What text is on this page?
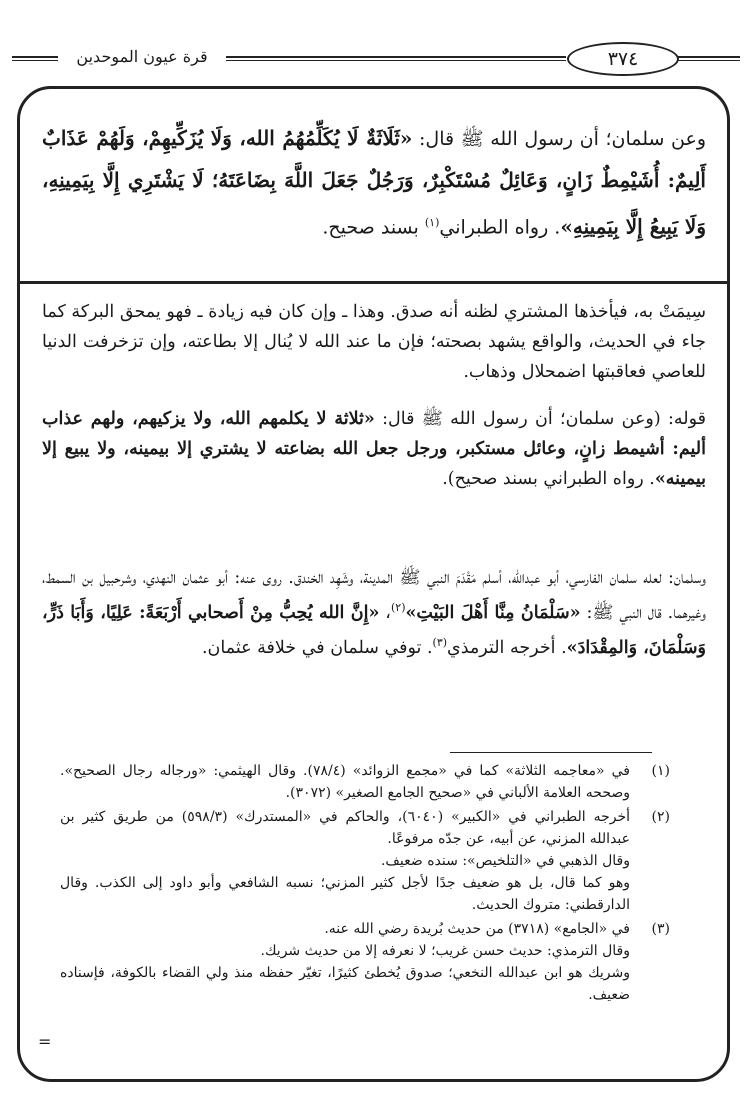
قرة عيون الموحدين	٣٧٤
وعن سلمان؛ أن رسول الله ﷺ قال: «ثَلَاثَةٌ لَا يُكَلِّمُهُمُ الله، وَلَا يُزَكِّيهِمْ، وَلَهُمْ عَذَابٌ أَلِيمٌ: أُشَيْمِطٌ زَانٍ، وَعَائِلٌ مُسْتَكْبِرٌ، وَرَجُلٌ جَعَلَ اللَّهَ بِضَاعَتَهُ؛ لَا يَشْتَرِي إِلَّا بِيَمِينِهِ، وَلَا يَبِيعُ إِلَّا بِيَمِينِهِ». رواه الطبراني$^{(١)}$ بسند صحيح.
سِيمَتْ به، فيأخذها المشتري لظنه أنه صدق. وهذا ـ وإن كان فيه زيادة ـ فهو يمحق البركة كما جاء في الحديث، والواقع يشهد بصحته؛ فإن ما عند الله لا يُنال إلا بطاعته، وإن تزخرفت الدنيا للعاصي فعاقبتها اضمحلال وذهاب.
قوله: (وعن سلمان؛ أن رسول الله ﷺ قال: «ثلاثة لا يكلمهم الله، ولا يزكيهم، ولهم عذاب أليم: أشيمط زانٍ، وعائل مستكبر، ورجل جعل الله بضاعته لا يشتري إلا بيمينه، ولا يبيع إلا بيمينه». رواه الطبراني بسند صحيح).
وسلمان: لعله سلمان الفارسي، أبو عبدالله، أسلم مَقْدَمَ النبي ﷺ المدينة، وشَهِد الخندق. روى عنه: أبو عثمان النهدي، وشرحبيل بن السمط، وغيرهما. قال النبي ﷺ: «سَلْمَانُ مِنَّا أَهْلَ البَيْتِ»$^{(٢)}$، «إِنَّ الله يُحِبُّ مِنْ أَصحابي أَرْبَعَةً: عَلِيًا، وَأَبَا ذَرٍّ، وَسَلْمَانَ، وَالمِقْدَادَ». أخرجه الترمذي$^{(٣)}$. توفي سلمان في خلافة عثمان.
(١)

في «معاجمه الثلاثة» كما في «مجمع الزوائد» (٧٨/٤). وقال الهيثمي: «ورجاله رجال الصحيح». وصححه العلامة الألباني في «صحيح الجامع الصغير» (٣٠٧٢).

(٢)

أخرجه الطبراني في «الكبير» (٦٠٤٠)، والحاكم في «المستدرك» (٥٩٨/٣) من طريق كثير بن عبدالله المزني، عن أبيه، عن جدّه مرفوعًا.

وقال الذهبي في «التلخيص»: سنده ضعيف.

وهو كما قال، بل هو ضعيف جدًا لأجل كثير المزني؛ نسبه الشافعي وأبو داود إلى الكذب. وقال الدارقطني: متروك الحديث.

(٣)

في «الجامع» (٣٧١٨) من حديث بُريدة رضي الله عنه.

وقال الترمذي: حديث حسن غريب؛ لا نعرفه إلا من حديث شريك.

وشريك هو ابن عبدالله النخعي؛ صدوق يُخطئ كثيرًا، تغيّر حفظه منذ ولي القضاء بالكوفة، فإسناده ضعيف.

=
